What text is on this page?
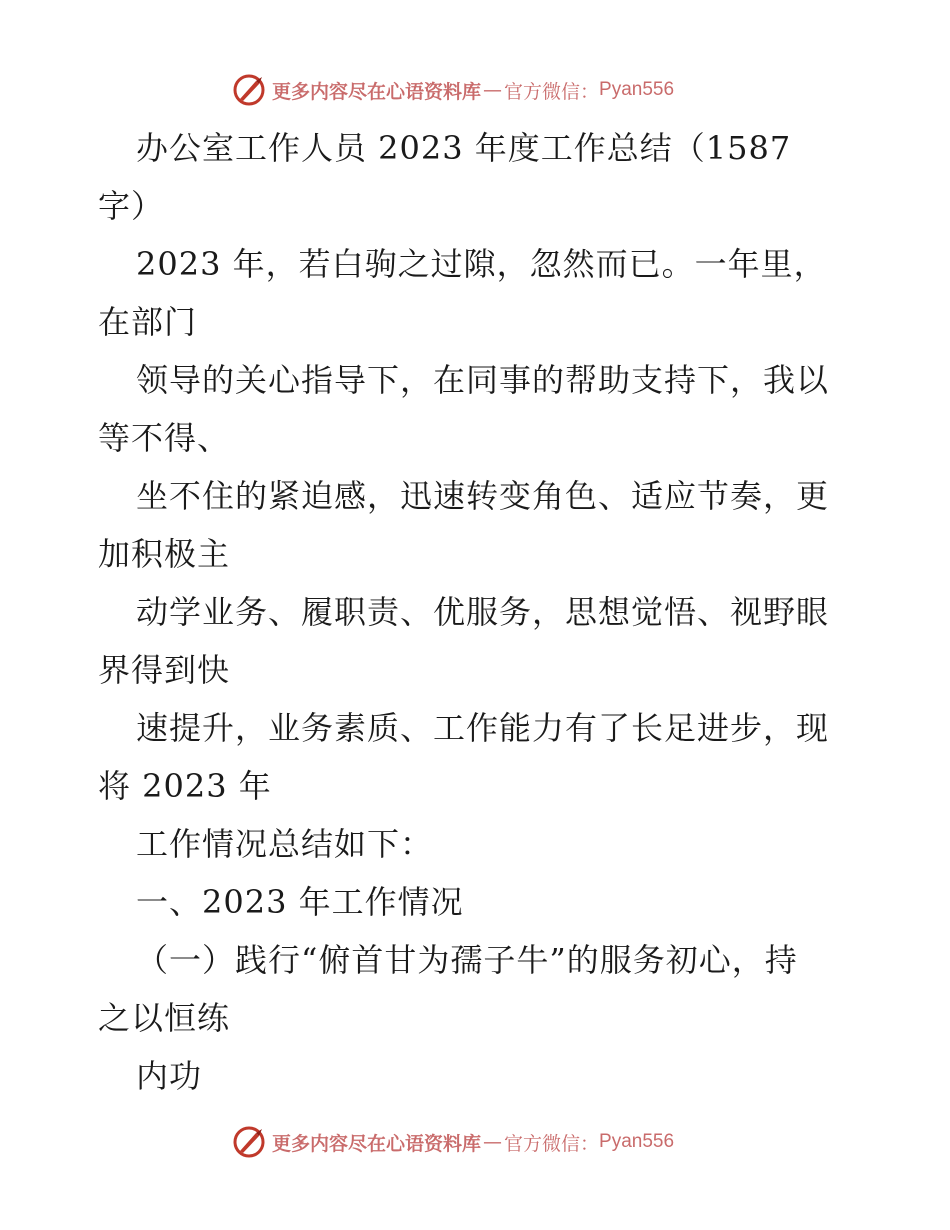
更多内容尽在心语资料库 — 官方微信： Pyan556
办公室工作人员 2023 年度工作总结（1587
字）
2023 年，若白驹之过隙，忽然而已。一年里，
在部门
领导的关心指导下，在同事的帮助支持下，我以
等不得、
坐不住的紧迫感，迅速转变角色、适应节奏，更
加积极主
动学业务、履职责、优服务，思想觉悟、视野眼
界得到快
速提升，业务素质、工作能力有了长足进步，现
将 2023 年
工作情况总结如下：
一、2023 年工作情况
（一）践行“俯首甘为孺子牛”的服务初心，持
之以恒练
内功
更多内容尽在心语资料库 — 官方微信： Pyan556
